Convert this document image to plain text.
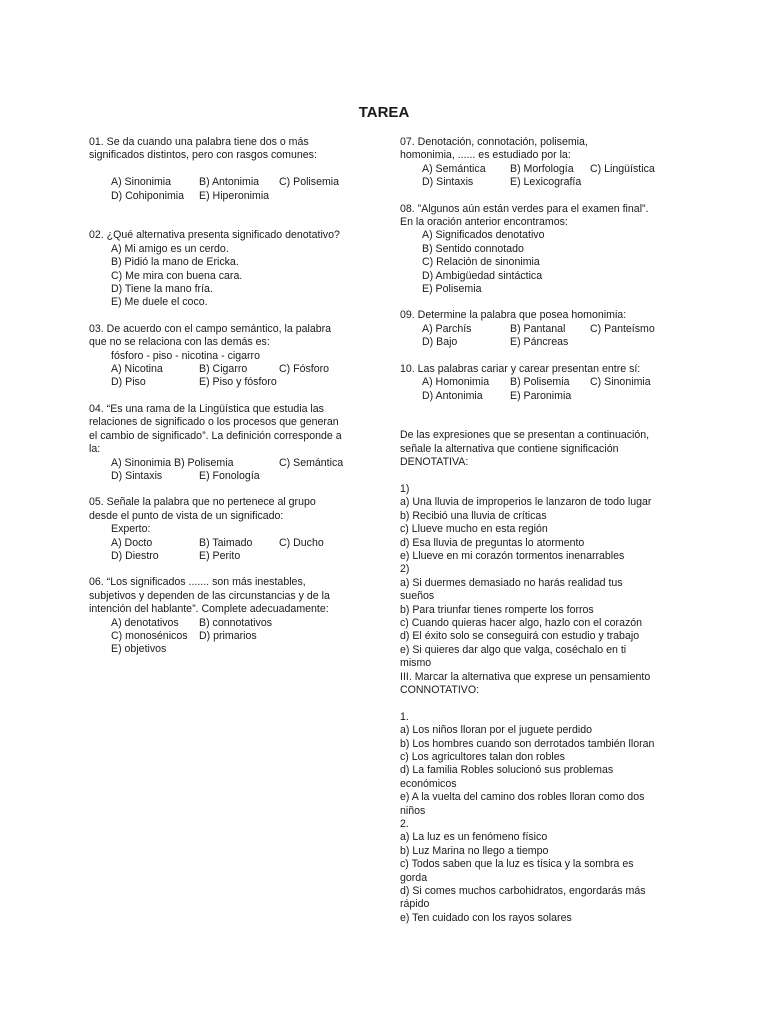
TAREA
01. Se da cuando una palabra tiene dos o más
significados distintos, pero con rasgos comunes:
A) Sinonimia	B) Antonimia	C) Polisemia
D) Cohiponimia	E) Hiperonimia
02. ¿Qué alternativa presenta significado denotativo?
A) Mi amigo es un cerdo.
B) Pidió la mano de Ericka.
C) Me mira con buena cara.
D) Tiene la mano fría.
E) Me duele el coco.
03. De acuerdo con el campo semántico, la palabra
que no se relaciona con las demás es:
fósforo - piso - nicotina - cigarro
A) Nicotina	B) Cigarro	C) Fósforo
D) Piso	E) Piso y fósforo
04. “Es una rama de la Lingüística que estudia las
relaciones de significado o los procesos que generan
el cambio de significado”. La definición corresponde a
la:
A) Sinonimia B) Polisemia	C) Semántica
D) Sintaxis	E) Fonología
05. Señale la palabra que no pertenece al grupo
desde el punto de vista de un significado:
Experto:
A) Docto	B) Taimado	C) Ducho
D) Diestro	E) Perito
06. “Los significados ....... son más inestables,
subjetivos y dependen de las circunstancias y de la
intención del hablante”. Complete adecuadamente:
A) denotativos	B) connotativos
C) monosénicos	D) primarios
E) objetivos
07. Denotación, connotación, polisemia,
homonimia, ...... es estudiado por la:
A) Semántica	B) Morfología	C) Lingüística
D) Sintaxis	E) Lexicografía
08. ”Algunos aún están verdes para el examen final”.
En la oración anterior encontramos:
A) Significados denotativo
B) Sentido connotado
C) Relación de sinonimia
D) Ambigüedad sintáctica
E) Polisemia
09. Determine la palabra que posea homonimia:
A) Parchís	B) Pantanal	C) Panteísmo
D) Bajo	E) Páncreas
10. Las palabras cariar y carear presentan entre sí:
A) Homonimia	B) Polisemia	C) Sinonimia
D) Antonimia	E) Paronimia
De las expresiones que se presentan a continuación,
señale la alternativa que contiene significación
DENOTATIVA:
1)
a) Una lluvia de improperios le lanzaron de todo lugar
b) Recibió una lluvia de críticas
c) Llueve mucho en esta región
d) Esa lluvia de preguntas lo atormento
e) Llueve en mi corazón tormentos inenarrables
2)
a) Si duermes demasiado no harás realidad tus
sueños
b) Para triunfar tienes romperte los forros
c) Cuando quieras hacer algo, hazlo con el corazón
d) El éxito solo se conseguirá con estudio y trabajo
e) Si quieres dar algo que valga, coséchalo en ti
mismo
III. Marcar la alternativa que exprese un pensamiento
CONNOTATIVO:
1.
a) Los niños lloran por el juguete perdido
b) Los hombres cuando son derrotados también lloran
c) Los agricultores talan don robles
d) La familia Robles solucionó sus problemas
económicos
e) A la vuelta del camino dos robles lloran como dos
niños
2.
a) La luz es un fenómeno físico
b) Luz Marina no llego a tiempo
c) Todos saben que la luz es tísica y la sombra es
gorda
d) Si comes muchos carbohidratos, engordarás más
rápido
e) Ten cuidado con los rayos solares
